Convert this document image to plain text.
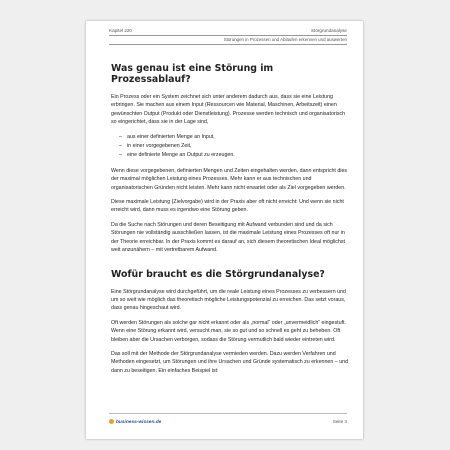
Kapitel 220	Störgrundanalyse
Störungen in Prozessen und Abläufen erkennen und auswerten
Was genau ist eine Störung im Prozessablauf?

Ein Prozess oder ein System zeichnet sich unter anderem dadurch aus, dass sie eine Leistung erbringen. Sie machen aus einem Input (Ressourcen wie Material, Maschinen, Arbeitszeit) einen gewünschten Output (Produkt oder Dienstleistung). Prozesse werden technisch und organisatorisch so eingerichtet, dass sie in der Lage sind,

– aus einer definierten Menge an Input,
– in einer vorgegebenen Zeit,
– eine definierte Menge an Output zu erzeugen.

Wenn diese vorgegebenen, definierten Mengen und Zeiten eingehalten werden, dann entspricht dies der maximal möglichen Leistung eines Prozesses. Mehr kann er aus technischen und organisatorischen Gründen nicht leisten. Mehr kann nicht erwartet oder als Ziel vorgegeben werden.

Diese maximale Leistung (Zielvorgabe) wird in der Praxis aber oft nicht erreicht: Und wenn sie nicht erreicht wird, dann muss es irgendwo eine Störung geben.

Da die Suche nach Störungen und deren Beseitigung mit Aufwand verbunden sind und da sich Störungen nie vollständig ausschließen lassen, ist die maximale Leistung eines Prozesses oft nur in der Theorie erreichbar. In der Praxis kommt es darauf an, sich diesem theoretischen Ideal möglichst weit anzunähern – mit vertretbarem Aufwand.

Wofür braucht es die Störgrundanalyse?

Eine Störgrundanalyse wird durchgeführt, um die reale Leistung eines Prozesses zu verbessern und um so weit wie möglich das theoretisch mögliche Leistungspotenzial zu erreichen. Das setzt voraus, dass genau hingeschaut wird.

Oft werden Störungen als solche gar nicht erkannt oder als „normal“ oder „unvermeidlich“ eingestuft. Wenn eine Störung erkannt wird, versucht man, sie so gut und so schnell es geht zu beheben. Oft bleiben aber die Ursachen verborgen, sodass die Störung vermutlich bald wieder eintreten wird.

Das soll mit der Methode der Störgrundanalyse vermieden werden. Dazu werden Verfahren und Methoden eingesetzt, um Störungen und ihre Ursachen und Gründe systematisch zu erkennen – und dann zu beseitigen. Ein einfaches Beispiel ist:

business-wissen.de	Seite 3
